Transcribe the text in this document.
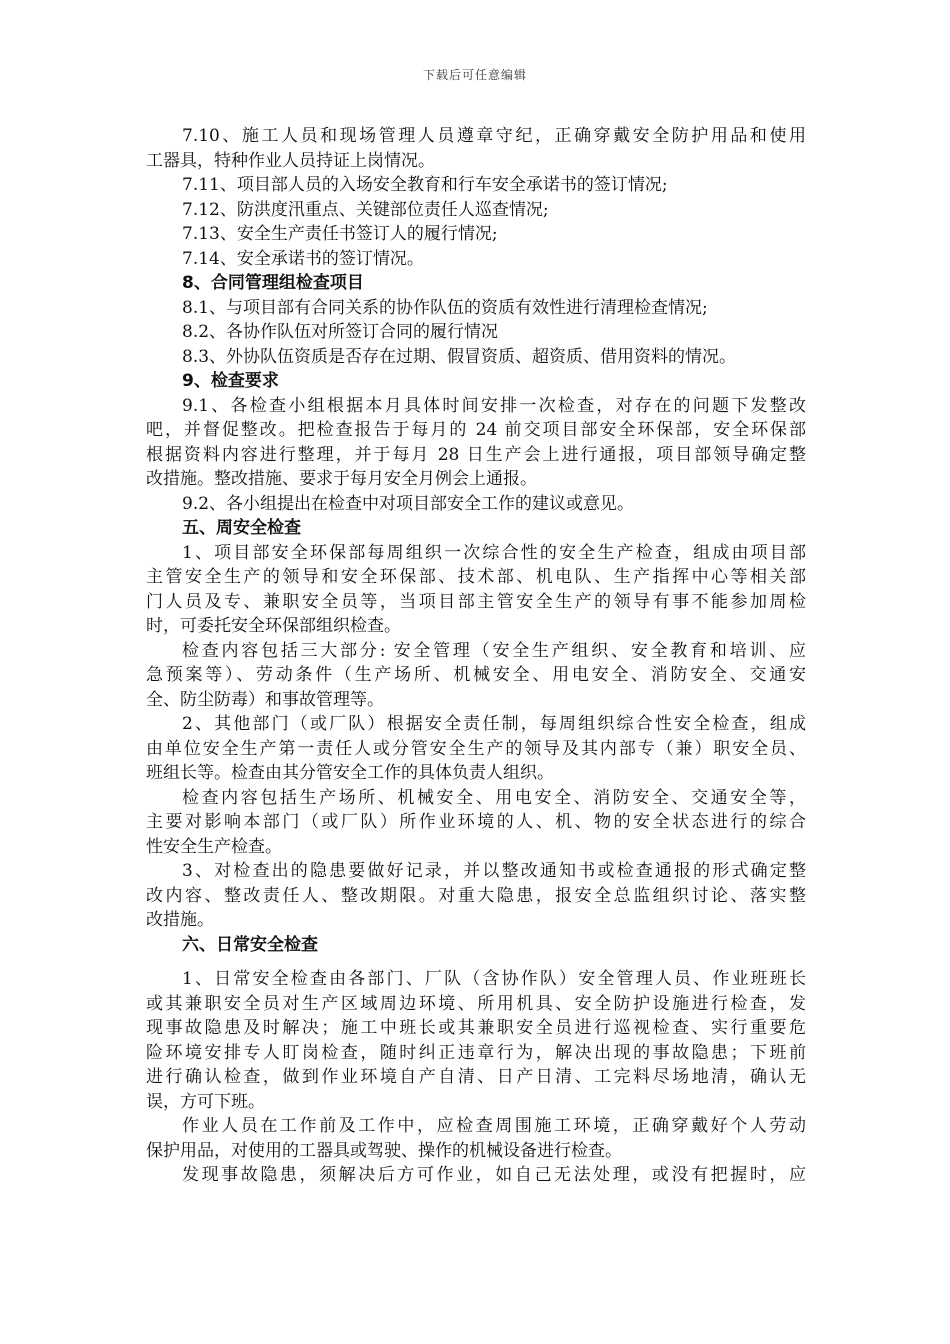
下载后可任意编辑
7.10、施工人员和现场管理人员遵章守纪，正确穿戴安全防护用品和使用
工器具，特种作业人员持证上岗情况。
7.11、项目部人员的入场安全教育和行车安全承诺书的签订情况;
7.12、防洪度汛重点、关键部位责任人巡查情况;
7.13、安全生产责任书签订人的履行情况;
7.14、安全承诺书的签订情况。
8、合同管理组检查项目
8.1、与项目部有合同关系的协作队伍的资质有效性进行清理检查情况;
8.2、各协作队伍对所签订合同的履行情况
8.3、外协队伍资质是否存在过期、假冒资质、超资质、借用资料的情况。
9、检查要求
9.1、各检查小组根据本月具体时间安排一次检查，对存在的问题下发整改
吧，并督促整改。把检查报告于每月的 24 前交项目部安全环保部，安全环保部
根据资料内容进行整理，并于每月 28 日生产会上进行通报，项目部领导确定整
改措施。整改措施、要求于每月安全月例会上通报。
9.2、各小组提出在检查中对项目部安全工作的建议或意见。
五、周安全检查
1、项目部安全环保部每周组织一次综合性的安全生产检查，组成由项目部
主管安全生产的领导和安全环保部、技术部、机电队、生产指挥中心等相关部
门人员及专、兼职安全员等，当项目部主管安全生产的领导有事不能参加周检
时，可委托安全环保部组织检查。
检查内容包括三大部分: 安全管理（安全生产组织、安全教育和培训、应
急预案等）、劳动条件（生产场所、机械安全、用电安全、消防安全、交通安
全、防尘防毒）和事故管理等。
2、其他部门（或厂队）根据安全责任制，每周组织综合性安全检查，组成
由单位安全生产第一责任人或分管安全生产的领导及其内部专（兼）职安全员、
班组长等。检查由其分管安全工作的具体负责人组织。
检查内容包括生产场所、机械安全、用电安全、消防安全、交通安全等，
主要对影响本部门（或厂队）所作业环境的人、机、物的安全状态进行的综合
性安全生产检查。
3、对检查出的隐患要做好记录，并以整改通知书或检查通报的形式确定整
改内容、整改责任人、整改期限。对重大隐患，报安全总监组织讨论、落实整
改措施。
六、日常安全检查
1、日常安全检查由各部门、厂队（含协作队）安全管理人员、作业班班长
或其兼职安全员对生产区域周边环境、所用机具、安全防护设施进行检查，发
现事故隐患及时解决；施工中班长或其兼职安全员进行巡视检查、实行重要危
险环境安排专人盯岗检查，随时纠正违章行为，解决出现的事故隐患；下班前
进行确认检查，做到作业环境自产自清、日产日清、工完料尽场地清，确认无
误，方可下班。
作业人员在工作前及工作中，应检查周围施工环境，正确穿戴好个人劳动
保护用品，对使用的工器具或驾驶、操作的机械设备进行检查。
发现事故隐患，须解决后方可作业，如自己无法处理，或没有把握时，应
